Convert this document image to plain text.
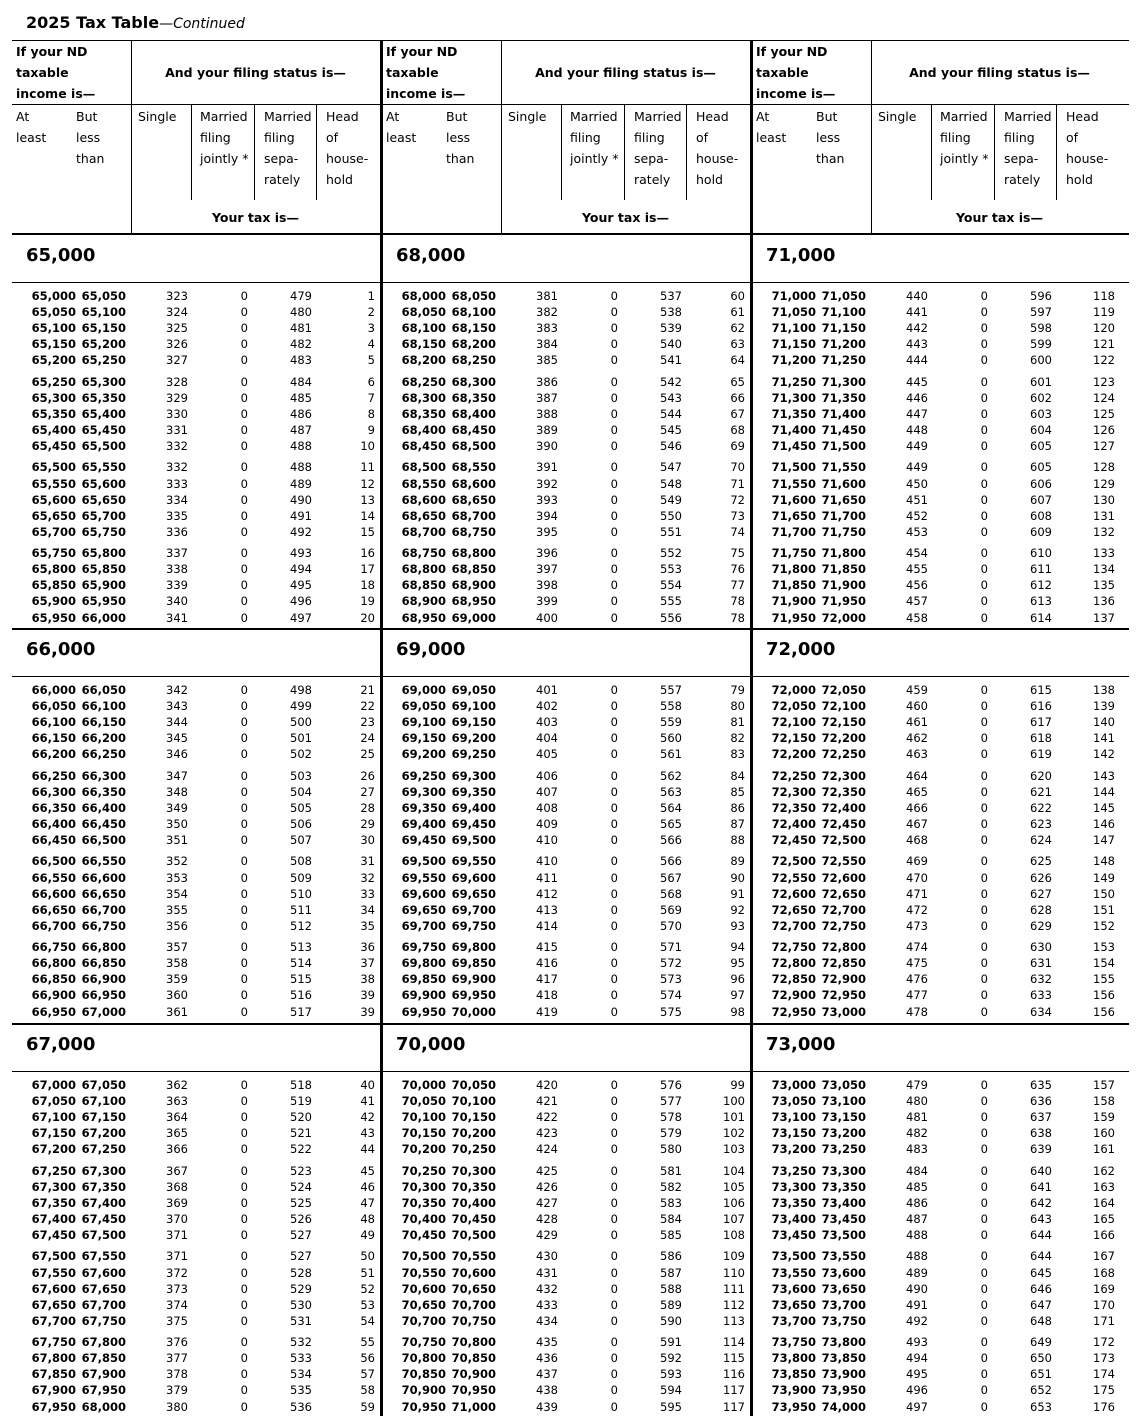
2025 Tax Table—Continued
If your ND
taxable
income is—
And your filing status is—
At
least
But
less
than
Single	Married
filing
jointly *
Married
filing
sepa-
rately
Head
of
house-
hold
Your tax is—
If your ND
taxable
income is—
And your filing status is—
At
least
But
less
than
Single	Married
filing
jointly *
Married
filing
sepa-
rately
Head
of
house-
hold
Your tax is—
If your ND
taxable
income is—
And your filing status is—
At
least
But
less
than
Single	Married
filing
jointly *
Married
filing
sepa-
rately
Head
of
house-
hold
Your tax is—
65,000
65,000 65,050	323	0	479	1
65,050 65,100	324	0	480	2
65,100 65,150	325	0	481	3
65,150 65,200	326	0	482	4
65,200 65,250	327	0	483	5
65,250 65,300	328	0	484	6
65,300 65,350	329	0	485	7
65,350 65,400	330	0	486	8
65,400 65,450	331	0	487	9
65,450 65,500	332	0	488	10
65,500 65,550	332	0	488	11
65,550 65,600	333	0	489	12
65,600 65,650	334	0	490	13
65,650 65,700	335	0	491	14
65,700 65,750	336	0	492	15
65,750 65,800	337	0	493	16
65,800 65,850	338	0	494	17
65,850 65,900	339	0	495	18
65,900 65,950	340	0	496	19
65,950 66,000	341	0	497	20
66,000
66,000 66,050	342	0	498	21
66,050 66,100	343	0	499	22
66,100 66,150	344	0	500	23
66,150 66,200	345	0	501	24
66,200 66,250	346	0	502	25
66,250 66,300	347	0	503	26
66,300 66,350	348	0	504	27
66,350 66,400	349	0	505	28
66,400 66,450	350	0	506	29
66,450 66,500	351	0	507	30
66,500 66,550	352	0	508	31
66,550 66,600	353	0	509	32
66,600 66,650	354	0	510	33
66,650 66,700	355	0	511	34
66,700 66,750	356	0	512	35
66,750 66,800	357	0	513	36
66,800 66,850	358	0	514	37
66,850 66,900	359	0	515	38
66,900 66,950	360	0	516	39
66,950 67,000	361	0	517	39
67,000
67,000 67,050	362	0	518	40
67,050 67,100	363	0	519	41
67,100 67,150	364	0	520	42
67,150 67,200	365	0	521	43
67,200 67,250	366	0	522	44
67,250 67,300	367	0	523	45
67,300 67,350	368	0	524	46
67,350 67,400	369	0	525	47
67,400 67,450	370	0	526	48
67,450 67,500	371	0	527	49
67,500 67,550	371	0	527	50
67,550 67,600	372	0	528	51
67,600 67,650	373	0	529	52
67,650 67,700	374	0	530	53
67,700 67,750	375	0	531	54
67,750 67,800	376	0	532	55
67,800 67,850	377	0	533	56
67,850 67,900	378	0	534	57
67,900 67,950	379	0	535	58
67,950 68,000	380	0	536	59
68,000
68,000 68,050	381	0	537	60
68,050 68,100	382	0	538	61
68,100 68,150	383	0	539	62
68,150 68,200	384	0	540	63
68,200 68,250	385	0	541	64
68,250 68,300	386	0	542	65
68,300 68,350	387	0	543	66
68,350 68,400	388	0	544	67
68,400 68,450	389	0	545	68
68,450 68,500	390	0	546	69
68,500 68,550	391	0	547	70
68,550 68,600	392	0	548	71
68,600 68,650	393	0	549	72
68,650 68,700	394	0	550	73
68,700 68,750	395	0	551	74
68,750 68,800	396	0	552	75
68,800 68,850	397	0	553	76
68,850 68,900	398	0	554	77
68,900 68,950	399	0	555	78
68,950 69,000	400	0	556	78
69,000
69,000 69,050	401	0	557	79
69,050 69,100	402	0	558	80
69,100 69,150	403	0	559	81
69,150 69,200	404	0	560	82
69,200 69,250	405	0	561	83
69,250 69,300	406	0	562	84
69,300 69,350	407	0	563	85
69,350 69,400	408	0	564	86
69,400 69,450	409	0	565	87
69,450 69,500	410	0	566	88
69,500 69,550	410	0	566	89
69,550 69,600	411	0	567	90
69,600 69,650	412	0	568	91
69,650 69,700	413	0	569	92
69,700 69,750	414	0	570	93
69,750 69,800	415	0	571	94
69,800 69,850	416	0	572	95
69,850 69,900	417	0	573	96
69,900 69,950	418	0	574	97
69,950 70,000	419	0	575	98
70,000
70,000 70,050	420	0	576	99
70,050 70,100	421	0	577	100
70,100 70,150	422	0	578	101
70,150 70,200	423	0	579	102
70,200 70,250	424	0	580	103
70,250 70,300	425	0	581	104
70,300 70,350	426	0	582	105
70,350 70,400	427	0	583	106
70,400 70,450	428	0	584	107
70,450 70,500	429	0	585	108
70,500 70,550	430	0	586	109
70,550 70,600	431	0	587	110
70,600 70,650	432	0	588	111
70,650 70,700	433	0	589	112
70,700 70,750	434	0	590	113
70,750 70,800	435	0	591	114
70,800 70,850	436	0	592	115
70,850 70,900	437	0	593	116
70,900 70,950	438	0	594	117
70,950 71,000	439	0	595	117
71,000
71,000 71,050	440	0	596	118
71,050 71,100	441	0	597	119
71,100 71,150	442	0	598	120
71,150 71,200	443	0	599	121
71,200 71,250	444	0	600	122
71,250 71,300	445	0	601	123
71,300 71,350	446	0	602	124
71,350 71,400	447	0	603	125
71,400 71,450	448	0	604	126
71,450 71,500	449	0	605	127
71,500 71,550	449	0	605	128
71,550 71,600	450	0	606	129
71,600 71,650	451	0	607	130
71,650 71,700	452	0	608	131
71,700 71,750	453	0	609	132
71,750 71,800	454	0	610	133
71,800 71,850	455	0	611	134
71,850 71,900	456	0	612	135
71,900 71,950	457	0	613	136
71,950 72,000	458	0	614	137
72,000
72,000 72,050	459	0	615	138
72,050 72,100	460	0	616	139
72,100 72,150	461	0	617	140
72,150 72,200	462	0	618	141
72,200 72,250	463	0	619	142
72,250 72,300	464	0	620	143
72,300 72,350	465	0	621	144
72,350 72,400	466	0	622	145
72,400 72,450	467	0	623	146
72,450 72,500	468	0	624	147
72,500 72,550	469	0	625	148
72,550 72,600	470	0	626	149
72,600 72,650	471	0	627	150
72,650 72,700	472	0	628	151
72,700 72,750	473	0	629	152
72,750 72,800	474	0	630	153
72,800 72,850	475	0	631	154
72,850 72,900	476	0	632	155
72,900 72,950	477	0	633	156
72,950 73,000	478	0	634	156
73,000
73,000 73,050	479	0	635	157
73,050 73,100	480	0	636	158
73,100 73,150	481	0	637	159
73,150 73,200	482	0	638	160
73,200 73,250	483	0	639	161
73,250 73,300	484	0	640	162
73,300 73,350	485	0	641	163
73,350 73,400	486	0	642	164
73,400 73,450	487	0	643	165
73,450 73,500	488	0	644	166
73,500 73,550	488	0	644	167
73,550 73,600	489	0	645	168
73,600 73,650	490	0	646	169
73,650 73,700	491	0	647	170
73,700 73,750	492	0	648	171
73,750 73,800	493	0	649	172
73,800 73,850	494	0	650	173
73,850 73,900	495	0	651	174
73,900 73,950	496	0	652	175
73,950 74,000	497	0	653	176
